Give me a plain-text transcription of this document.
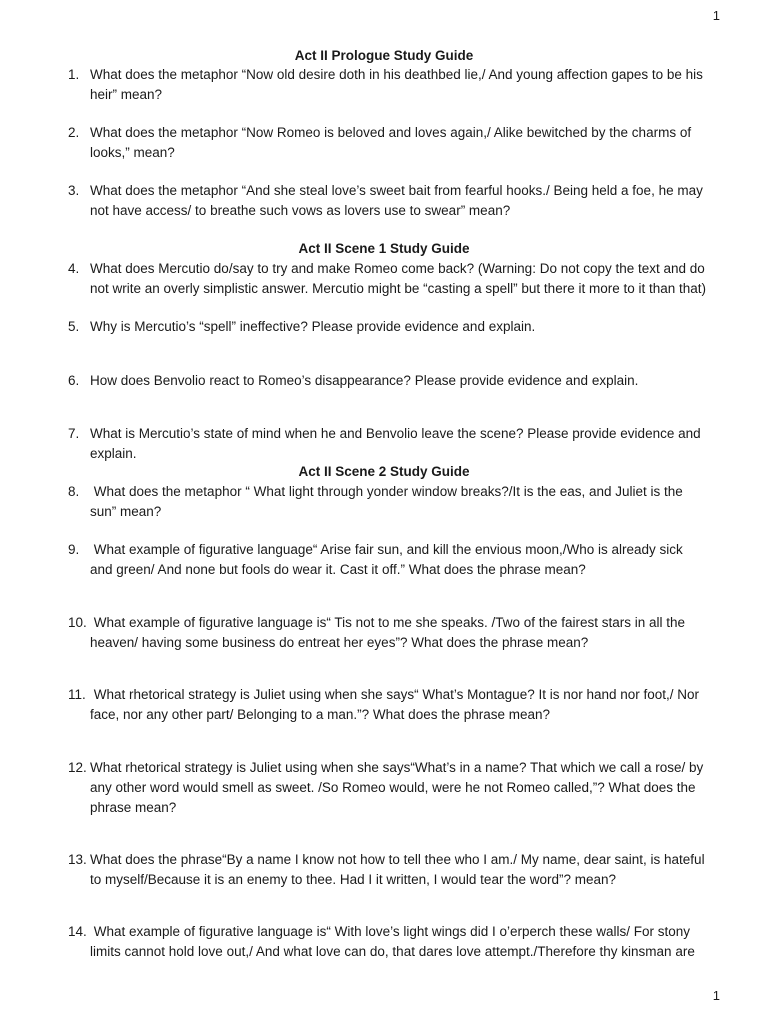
1
Act II Prologue Study Guide

1. What does the metaphor “Now old desire doth in his deathbed lie,/ And young affection gapes to be his
heir” mean?

2. What does the metaphor “Now Romeo is beloved and loves again,/ Alike bewitched by the charms of
looks,” mean?

3. What does the metaphor “And she steal love’s sweet bait from fearful hooks./ Being held a foe, he may
not have access/ to breathe such vows as lovers use to swear” mean?

Act II Scene 1 Study Guide

4. What does Mercutio do/say to try and make Romeo come back? (Warning: Do not copy the text and do
not write an overly simplistic answer. Mercutio might be “casting a spell” but there it more to it than that)

5. Why is Mercutio’s “spell” ineffective? Please provide evidence and explain.

6. How does Benvolio react to Romeo’s disappearance? Please provide evidence and explain.

7. What is Mercutio’s state of mind when he and Benvolio leave the scene? Please provide evidence and
explain.

Act II Scene 2 Study Guide

8. What does the metaphor “ What light through yonder window breaks?/It is the eas, and Juliet is the
sun” mean?

9. What example of figurative language“ Arise fair sun, and kill the envious moon,/Who is already sick
and green/ And none but fools do wear it. Cast it off.” What does the phrase mean?

10. What example of figurative language is“ Tis not to me she speaks. /Two of the fairest stars in all the
heaven/ having some business do entreat her eyes”? What does the phrase mean?

11. What rhetorical strategy is Juliet using when she says“ What’s Montague? It is nor hand nor foot,/ Nor
face, nor any other part/ Belonging to a man.”? What does the phrase mean?

12. What rhetorical strategy is Juliet using when she says“What’s in a name? That which we call a rose/ by
any other word would smell as sweet. /So Romeo would, were he not Romeo called,”? What does the
phrase mean?

13. What does the phrase“By a name I know not how to tell thee who I am./ My name, dear saint, is hateful
to myself/Because it is an enemy to thee. Had I it written, I would tear the word”? mean?

14. What example of figurative language is“ With love’s light wings did I o’erperch these walls/ For stony
limits cannot hold love out,/ And what love can do, that dares love attempt./Therefore thy kinsman are

1
